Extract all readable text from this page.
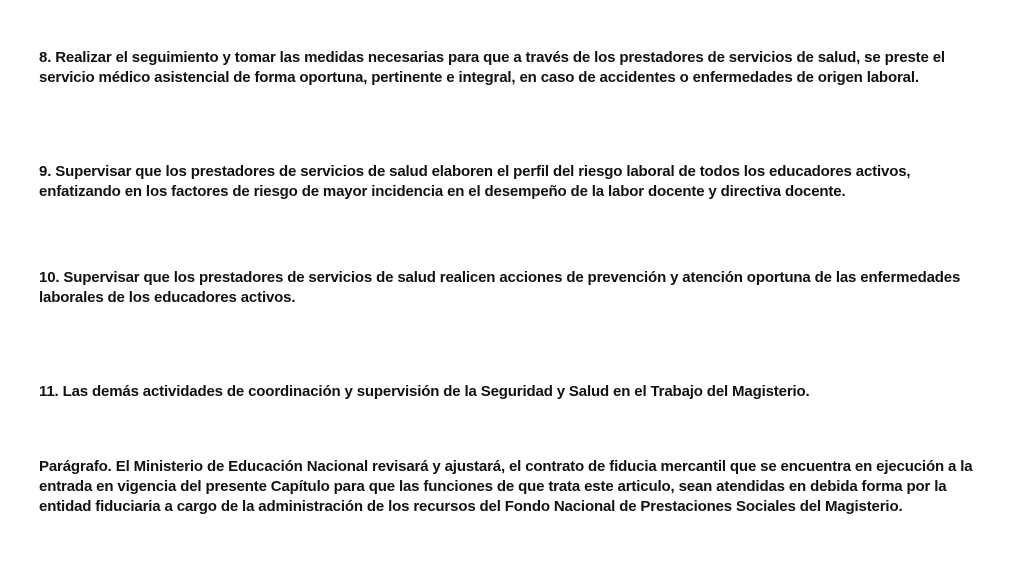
8. Realizar el seguimiento y tomar las medidas necesarias para que a través de los prestadores de servicios de salud, se preste el servicio médico asistencial de forma oportuna, pertinente e integral, en caso de accidentes o enfermedades de origen laboral.

9. Supervisar que los prestadores de servicios de salud elaboren el perfil del riesgo laboral de todos los educadores activos, enfatizando en los factores de riesgo de mayor incidencia en el desempeño de la labor docente y directiva docente.

10. Supervisar que los prestadores de servicios de salud realicen acciones de prevención y atención oportuna de las enfermedades laborales de los educadores activos.

11. Las demás actividades de coordinación y supervisión de la Seguridad y Salud en el Trabajo del Magisterio.

Parágrafo. El Ministerio de Educación Nacional revisará y ajustará, el contrato de fiducia mercantil que se encuentra en ejecución a la entrada en vigencia del presente Capítulo para que las funciones de que trata este articulo, sean atendidas en debida forma por la entidad fiduciaria a cargo de la administración de los recursos del Fondo Nacional de Prestaciones Sociales del Magisterio.
